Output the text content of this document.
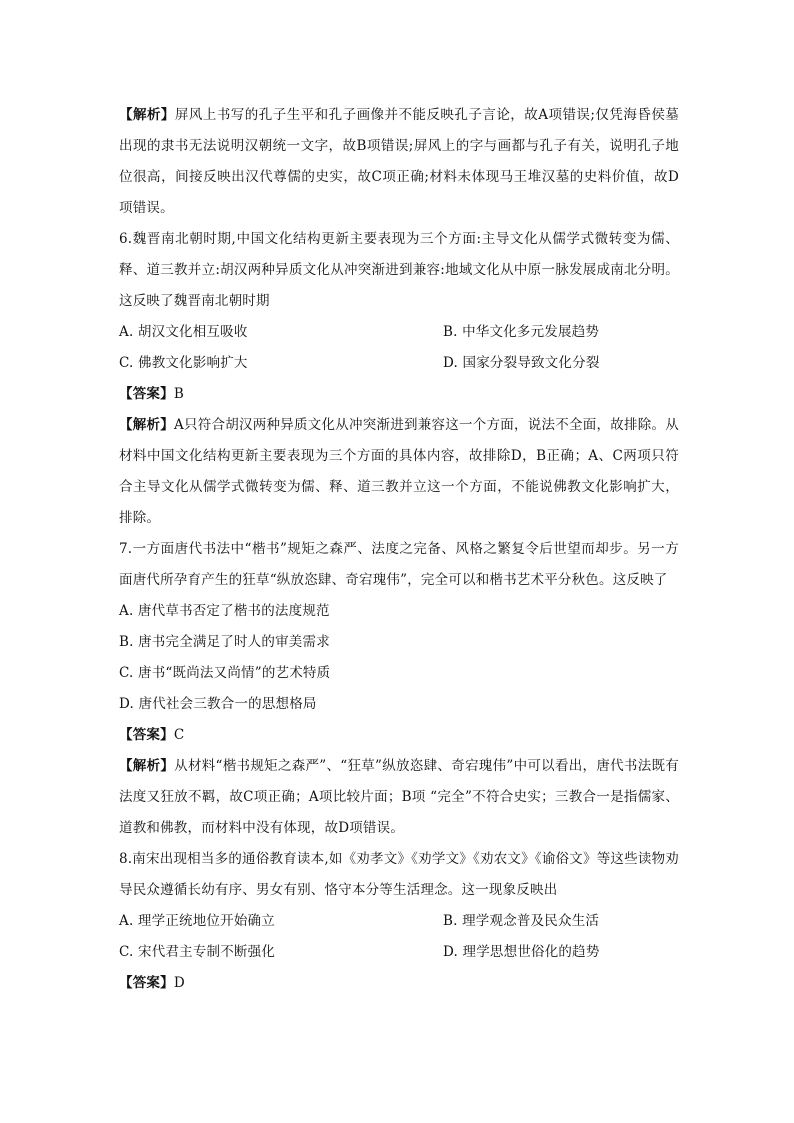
【解析】屏风上书写的孔子生平和孔子画像并不能反映孔子言论，故A项错误;仅凭海昏侯墓出现的隶书无法说明汉朝统一文字，故B项错误;屏风上的字与画都与孔子有关，说明孔子地位很高，间接反映出汉代尊儒的史实，故C项正确;材料未体现马王堆汉墓的史料价值，故D项错误。

6.魏晋南北朝时期,中国文化结构更新主要表现为三个方面:主导文化从儒学式微转变为儒、释、道三教并立:胡汉两种异质文化从冲突渐进到兼容:地域文化从中原一脉发展成南北分明。这反映了魏晋南北朝时期

A. 胡汉文化相互吸收	B. 中华文化多元发展趋势
C. 佛教文化影响扩大	D. 国家分裂导致文化分裂

【答案】B

【解析】A只符合胡汉两种异质文化从冲突渐进到兼容这一个方面，说法不全面，故排除。从材料中国文化结构更新主要表现为三个方面的具体内容，故排除D，B正确；A、C两项只符合主导文化从儒学式微转变为儒、释、道三教并立这一个方面，不能说佛教文化影响扩大，排除。

7.一方面唐代书法中“楷书”规矩之森严、法度之完备、风格之繁复令后世望而却步。另一方面唐代所孕育产生的狂草“纵放恣肆、奇宕瑰伟”，完全可以和楷书艺术平分秋色。这反映了

A. 唐代草书否定了楷书的法度规范

B. 唐书完全满足了时人的审美需求

C. 唐书“既尚法又尚情”的艺术特质

D. 唐代社会三教合一的思想格局

【答案】C

【解析】从材料“楷书规矩之森严”、“狂草”纵放恣肆、奇宕瑰伟”中可以看出，唐代书法既有法度又狂放不羁，故C项正确；A项比较片面；B项 “完全”不符合史实；三教合一是指儒家、道教和佛教，而材料中没有体现，故D项错误。

8.南宋出现相当多的通俗教育读本,如《劝孝文》《劝学文》《劝农文》《谕俗文》等这些读物劝导民众遵循长幼有序、男女有别、恪守本分等生活理念。这一现象反映出

A. 理学正统地位开始确立	B. 理学观念普及民众生活
C. 宋代君主专制不断强化	D. 理学思想世俗化的趋势

【答案】D
